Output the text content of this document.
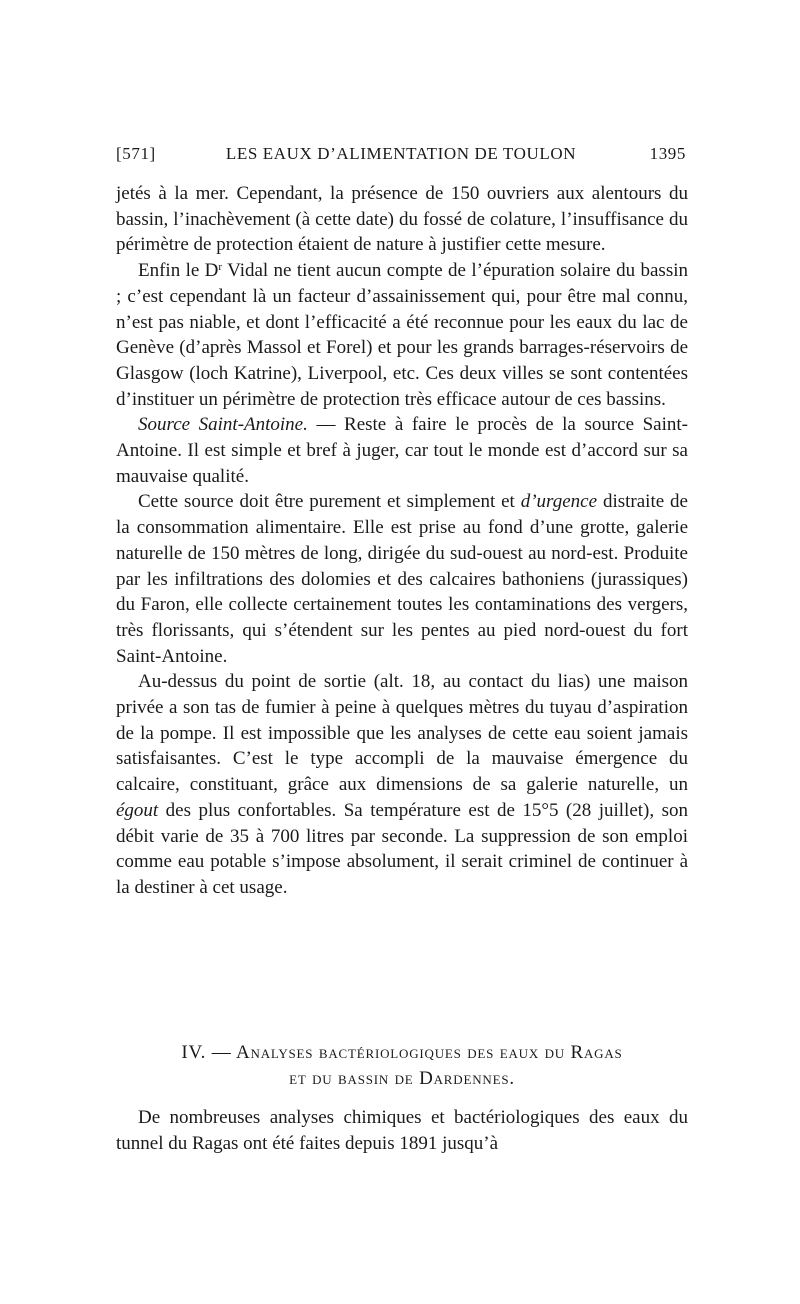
[571]	LES EAUX D’ALIMENTATION DE TOULON	1395

jetés à la mer. Cependant, la présence de 150 ouvriers aux alentours du bassin, l’inachèvement (à cette date) du fossé de colature, l’insuffisance du périmètre de protection étaient de nature à justifier cette mesure.

Enfin le $D^r$ Vidal ne tient aucun compte de l’épuration solaire du bassin ; c’est cependant là un facteur d’assainissement qui, pour être mal connu, n’est pas niable, et dont l’efficacité a été reconnue pour les eaux du lac de Genève (d’après Massol et Forel) et pour les grands barrages-réservoirs de Glasgow (loch Katrine), Liverpool, etc. Ces deux villes se sont contentées d’instituer un périmètre de protection très efficace autour de ces bassins.

Source Saint-Antoine. — Reste à faire le procès de la source Saint-Antoine. Il est simple et bref à juger, car tout le monde est d’accord sur sa mauvaise qualité.

Cette source doit être purement et simplement et d’urgence distraite de la consommation alimentaire. Elle est prise au fond d’une grotte, galerie naturelle de 150 mètres de long, dirigée du sud-ouest au nord-est. Produite par les infiltrations des dolomies et des calcaires bathoniens (jurassiques) du Faron, elle collecte certainement toutes les contaminations des vergers, très florissants, qui s’étendent sur les pentes au pied nord-ouest du fort Saint-Antoine.

Au-dessus du point de sortie (alt. 18, au contact du lias) une maison privée a son tas de fumier à peine à quelques mètres du tuyau d’aspiration de la pompe. Il est impossible que les analyses de cette eau soient jamais satisfaisantes. C’est le type accompli de la mauvaise émergence du calcaire, constituant, grâce aux dimensions de sa galerie naturelle, un égout des plus confortables. Sa température est de 15°5 (28 juillet), son débit varie de 35 à 700 litres par seconde. La suppression de son emploi comme eau potable s’impose absolument, il serait criminel de continuer à la destiner à cet usage.

IV. — Analyses bactériologiques des eaux du Ragas
et du bassin de Dardennes.

De nombreuses analyses chimiques et bactériologiques des eaux du tunnel du Ragas ont été faites depuis 1891 jusqu’à
